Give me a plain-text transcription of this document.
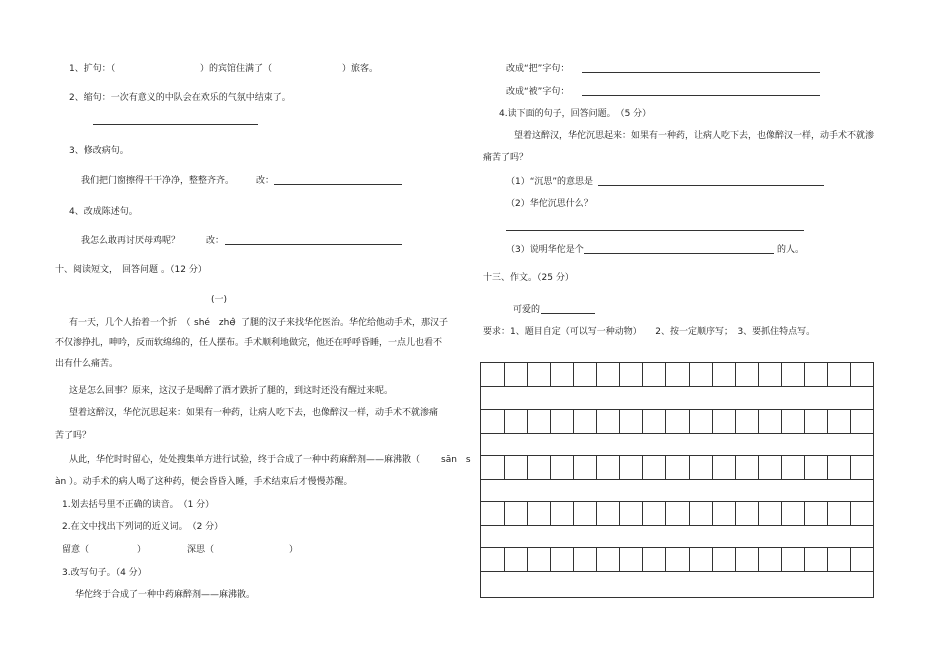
1、扩句：（	）的宾馆住满了（	）旅客。
2、缩句：一次有意义的中队会在欢乐的气氛中结束了。
3、修改病句。
我们把门窗擦得干干净净，整整齐齐。 改：
4、改成陈述句。
我怎么敢再讨厌母鸡呢？	改：
十、阅读短文， 回答问题 。（12 分）
(一)
有一天，几个人抬着一个折　（ shé　zhé
）了腿的汉子来找华佗医治。华佗给他动手术，那汉子
不仅渗挣扎，呻吟，反而软绵绵的，任人摆布。手术顺利地做完，他还在呼呼昏睡，一点儿也看不
出有什么痛苦。
这是怎么回事？原来，这汉子是喝醉了酒才跌折了腿的，到这时还没有醒过来呢。
望着这醉汉，华佗沉思起来：如果有一种药，让病人吃下去，也像醉汉一样，动手术不就渗痛
苦了吗？
从此，华佗时时留心，处处搜集单方进行试验，终于合成了一种中药麻醉剂——麻沸散（ sān　s
àn ）。动手术的病人喝了这种药，便会昏昏入睡，手术结束后才慢慢苏醒。
1.划去括号里不正确的读音。　（1 分）
2.在文中找出下列词的近义词。　（2 分）
留意（	）	深思（	）
3.改写句子。（4 分）
华佗终于合成了一种中药麻醉剂——麻沸散。
改成“把”字句：
改成“被”字句：
4.读下面的句子，回答问题。　（5 分）
望着这醉汉，华佗沉思起来：如果有一种药，让病人吃下去，也像醉汉一样，动手术不就渗
痛苦了吗？
（1）“沉思”的意思是
（2）华佗沉思什么？
（3）说明华佗是个	的人。
十三、作文。（25 分）
可爱的
要求：1、题目自定（可以写一种动物）　　2、按一定顺序写；　3、要抓住特点写。
